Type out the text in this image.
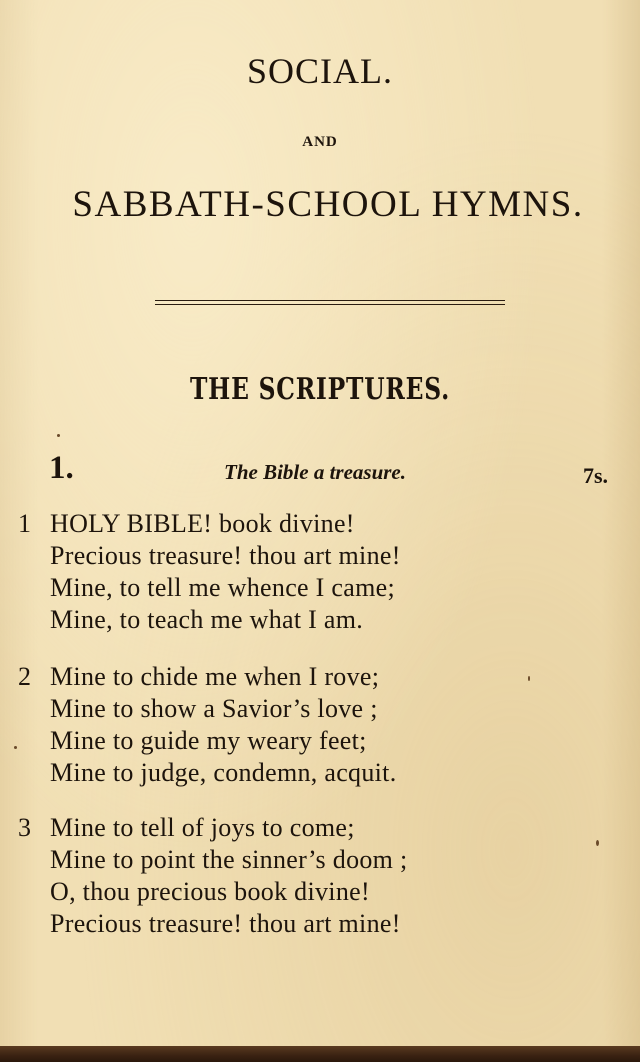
SOCIAL.
AND
SABBATH-SCHOOL HYMNS.
THE SCRIPTURES.
1.	The Bible a treasure.	7s.
1 HOLY BIBLE! book divine!
Precious treasure! thou art mine!
Mine, to tell me whence I came;
Mine, to teach me what I am.
2 Mine to chide me when I rove;
Mine to show a Savior’s love ;
Mine to guide my weary feet;
Mine to judge, condemn, acquit.
3 Mine to tell of joys to come;
Mine to point the sinner’s doom ;
O, thou precious book divine!
Precious treasure! thou art mine!
